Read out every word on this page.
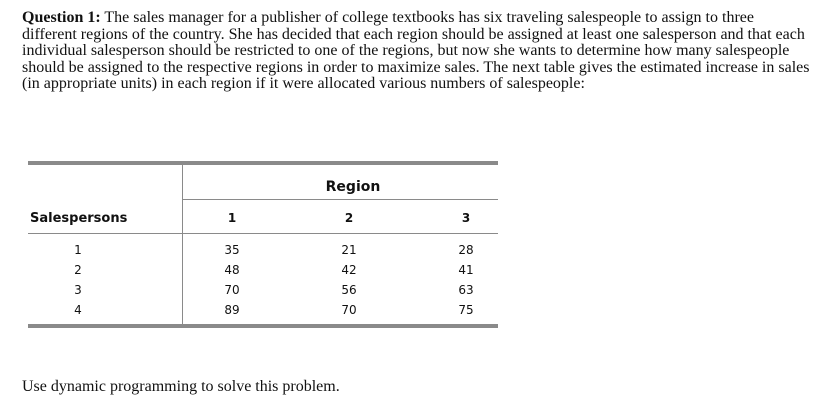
Question 1: The sales manager for a publisher of college textbooks has six traveling salespeople to assign to three different regions of the country. She has decided that each region should be assigned at least one salesperson and that each individual salesperson should be restricted to one of the regions, but now she wants to determine how many salespeople should be assigned to the respective regions in order to maximize sales. The next table gives the estimated increase in sales (in appropriate units) in each region if it were allocated various numbers of salespeople:

Region
Salespersons	1	2	3
1	35	21	28
2	48	42	41
3	70	56	63
4	89	70	75

Use dynamic programming to solve this problem.
